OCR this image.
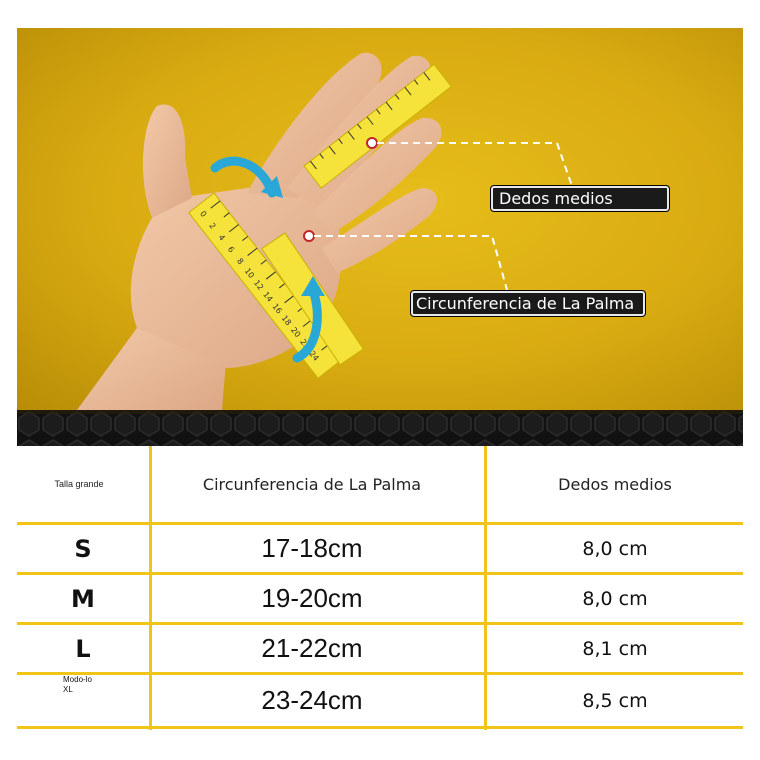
0
2
4
6
8
10
12
14
16
18
20
22
24
Dedos medios
Circunferencia de La Palma
Talla grande	Circunferencia de La Palma	Dedos medios
S	17-18cm	8,0 cm
M	19-20cm	8,0 cm
L	21-22cm	8,1 cm
Modo-lo
XL	23-24cm	8,5 cm
